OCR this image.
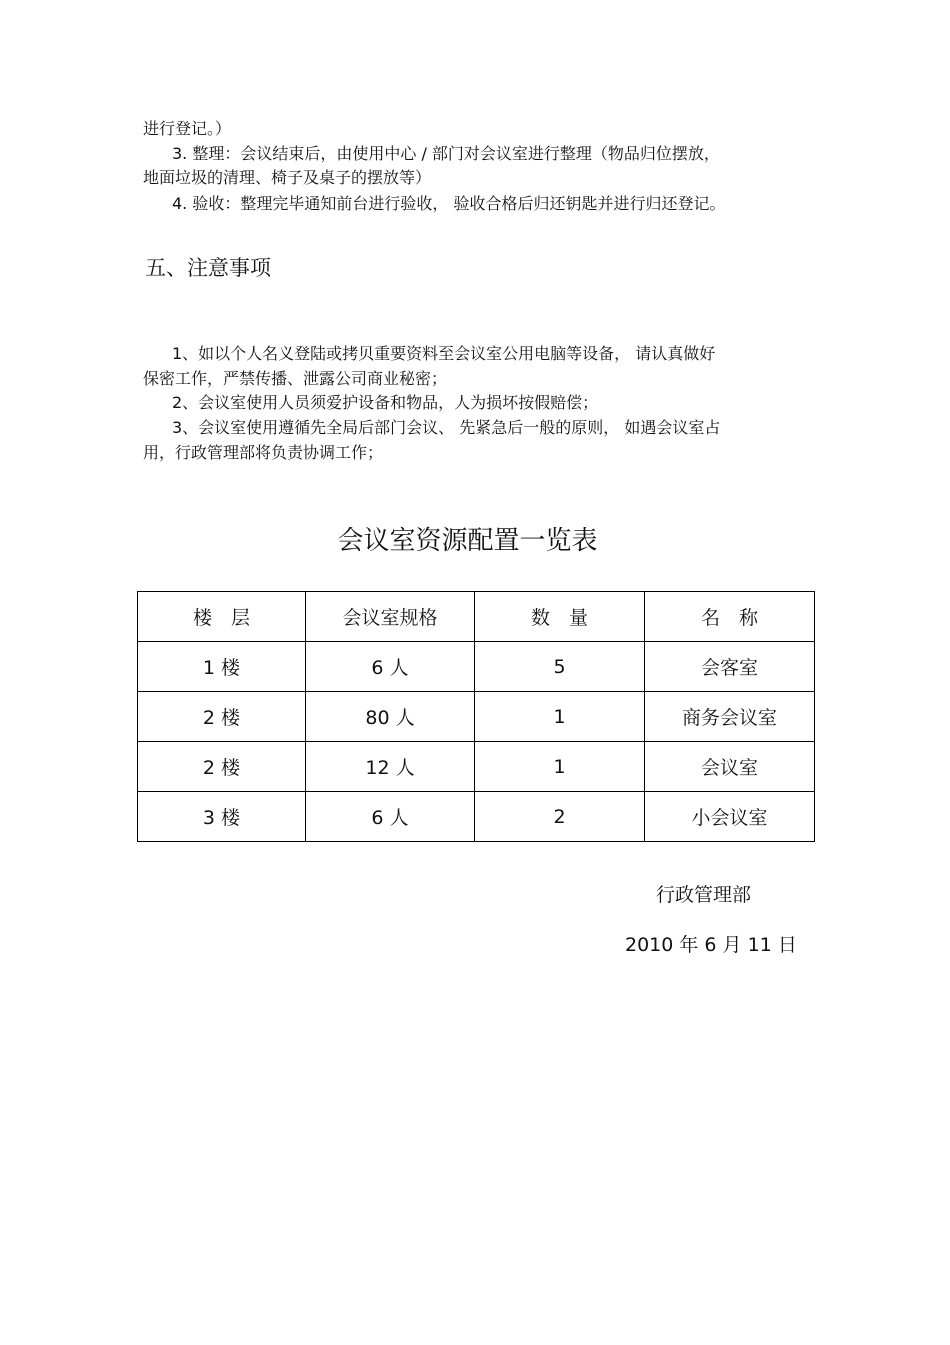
进行登记。）
3. 整理：会议结束后，由使用中心 / 部门对会议室进行整理（物品归位摆放，
地面垃圾的清理、椅子及桌子的摆放等）
4. 验收：整理完毕通知前台进行验收， 验收合格后归还钥匙并进行归还登记。
五、注意事项
1、如以个人名义登陆或拷贝重要资料至会议室公用电脑等设备， 请认真做好
保密工作，严禁传播、泄露公司商业秘密；
2、会议室使用人员须爱护设备和物品，人为损坏按假赔偿；
3、会议室使用遵循先全局后部门会议、 先紧急后一般的原则， 如遇会议室占
用，行政管理部将负责协调工作；
会议室资源配置一览表
楼　层	会议室规格	数　量	名　称
1 楼	6 人	5	会客室
2 楼	80 人	1	商务会议室
2 楼	12 人	1	会议室
3 楼	6 人	2	小会议室
行政管理部
2010 年 6 月 11 日
